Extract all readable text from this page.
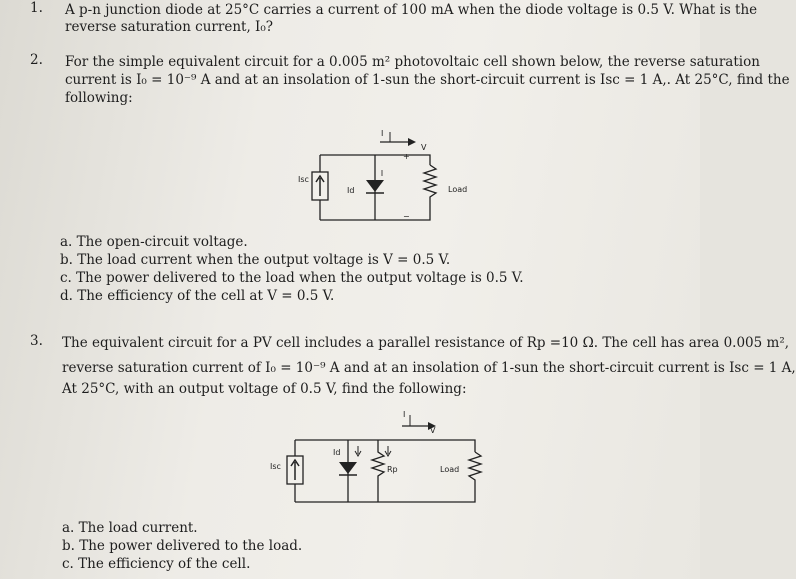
1. A p-n junction diode at 25°C carries a current of 100 mA when the diode voltage is 0.5 V. What is the
reverse saturation current, I₀?
2. For the simple equivalent circuit for a 0.005 m² photovoltaic cell shown below, the reverse saturation
current is I₀ = 10⁻⁹ A and at an insolation of 1-sun the short-circuit current is Isc = 1 A,. At 25°C, find the
following:
I
V
Isc
Id	Load
+
−
a. The open-circuit voltage.
b. The load current when the output voltage is V = 0.5 V.
c. The power delivered to the load when the output voltage is 0.5 V.
d. The efficiency of the cell at V = 0.5 V.
3. The equivalent circuit for a PV cell includes a parallel resistance of Rp =10 Ω. The cell has area 0.005 m²,
reverse saturation current of I₀ = 10⁻⁹ A and at an insolation of 1-sun the short-circuit current is Isc = 1 A,
At 25°C, with an output voltage of 0.5 V, find the following:
I
V
Isc
Id
Rp	Load
a. The load current.
b. The power delivered to the load.
c. The efficiency of the cell.
